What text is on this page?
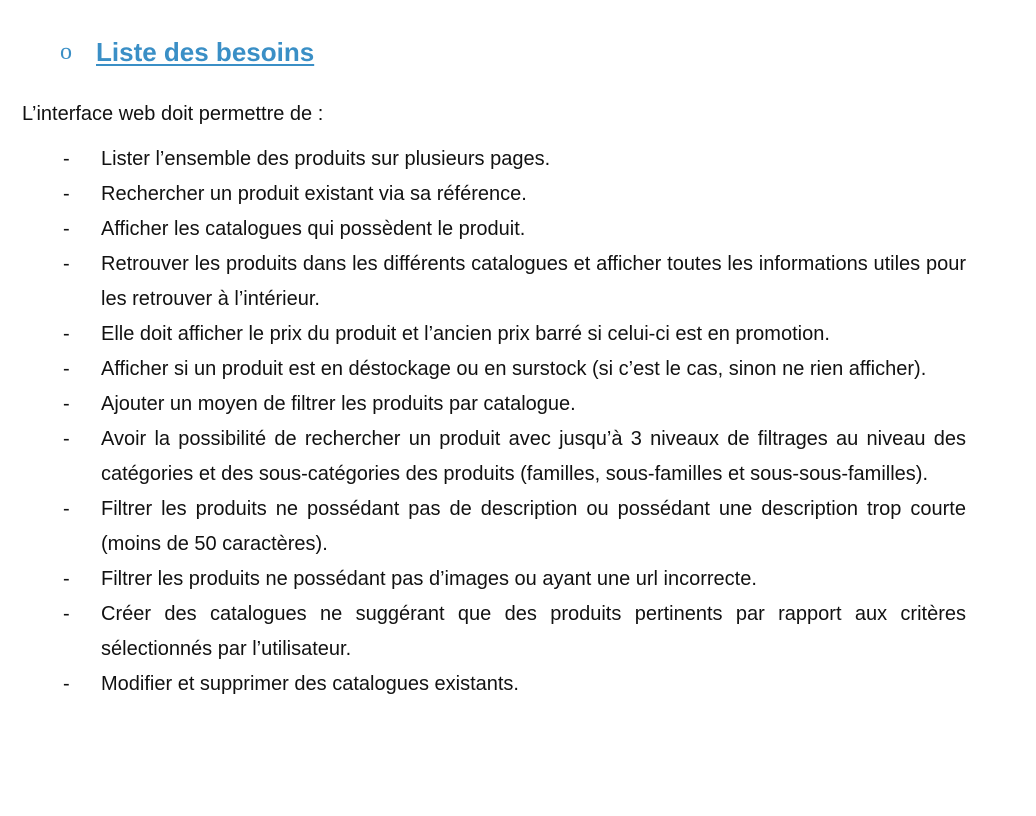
o Liste des besoins
L’interface web doit permettre de :
- Lister l’ensemble des produits sur plusieurs pages.
- Rechercher un produit existant via sa référence.
- Afficher les catalogues qui possèdent le produit.
- Retrouver les produits dans les différents catalogues et afficher toutes les informations utiles pour les retrouver à l’intérieur.
- Elle doit afficher le prix du produit et l’ancien prix barré si celui-ci est en promotion.
- Afficher si un produit est en déstockage ou en surstock (si c’est le cas, sinon ne rien afficher).
- Ajouter un moyen de filtrer les produits par catalogue.
- Avoir la possibilité de rechercher un produit avec jusqu’à 3 niveaux de filtrages au niveau des catégories et des sous-catégories des produits (familles, sous-familles et sous-sous-familles).
- Filtrer les produits ne possédant pas de description ou possédant une description trop courte (moins de 50 caractères).
- Filtrer les produits ne possédant pas d’images ou ayant une url incorrecte.
- Créer des catalogues ne suggérant que des produits pertinents par rapport aux critères sélectionnés par l’utilisateur.
- Modifier et supprimer des catalogues existants.
